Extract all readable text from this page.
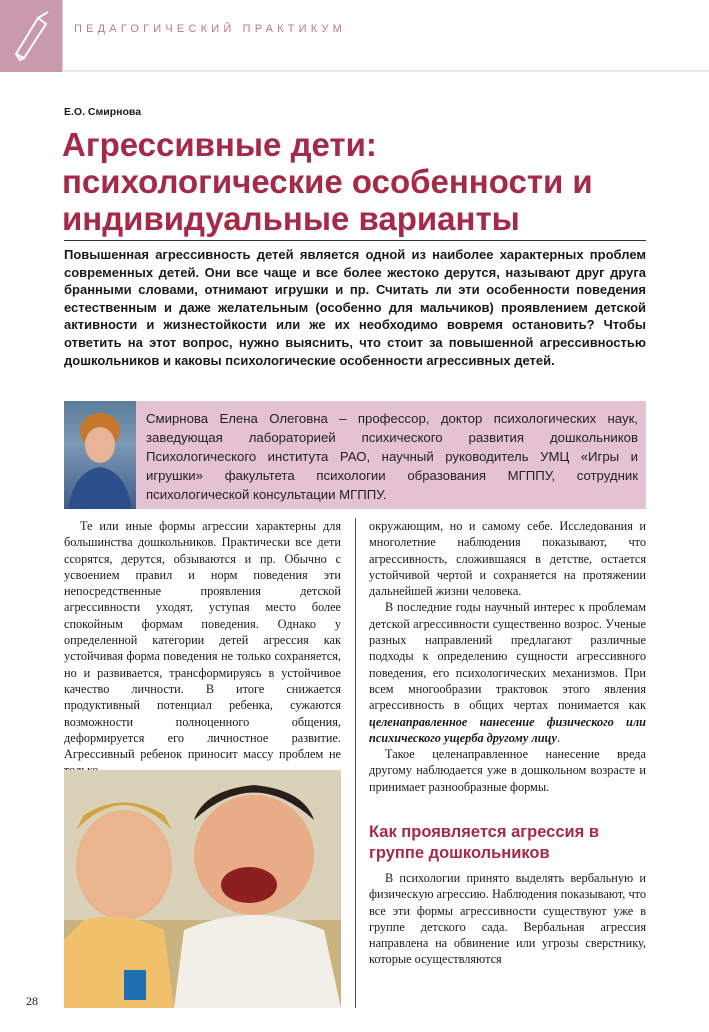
ПЕДАГОГИЧЕСКИЙ ПРАКТИКУМ
Е.О. Смирнова
Агрессивные дети: психологические особенности и индивидуальные варианты
Повышенная агрессивность детей является одной из наиболее характерных проблем современных детей. Они все чаще и все более жестоко дерутся, называют друг друга бранными словами, отнимают игрушки и пр. Считать ли эти особенности поведения естественным и даже желательным (особенно для мальчиков) проявлением детской активности и жизнестойкости или же их необходимо вовремя остановить? Чтобы ответить на этот вопрос, нужно выяснить, что стоит за повышенной агрессивностью дошкольников и каковы психологические особенности агрессивных детей.
Смирнова Елена Олеговна – профессор, доктор психологических наук, заведующая лабораторией психического развития дошкольников Психологического института РАО, научный руководитель УМЦ «Игры и игрушки» факультета психологии образования МГППУ, сотрудник психологической консультации МГППУ.

Те или иные формы агрессии характерны для большинства дошкольников. Практически все дети ссорятся, дерутся, обзываются и пр. Обычно с усвоением правил и норм поведения эти непосредственные проявления детской агрессивности уходят, уступая место более спокойным формам поведения. Однако у определенной категории детей агрессия как устойчивая форма поведения не только сохраняется, но и развивается, трансформируясь в устойчивое качество личности. В итоге снижается продуктивный потенциал ребенка, сужаются возможности полноценного общения, деформируется его личностное развитие. Агрессивный ребенок приносит массу проблем не

окружающим, но и самому себе. Исследования и многолетние наблюдения показывают, что агрессивность, сложившаяся в детстве, остается устойчивой чертой и сохраняется на протяжении дальнейшей жизни человека.

В последние годы научный интерес к проблемам детской агрессивности существенно возрос. Ученые разных направлений предлагают различные подходы к определению сущности агрессивного поведения, его психологических механизмов. При всем многообразии трактовок этого явления агрессивность в общих чертах понимается как целенаправленное нанесение физического или психического ущерба другому лицу.

Такое целенаправленное нанесение вреда другому наблюдается уже в дошкольном возрасте и принимает разнообразные формы.

Как проявляется агрессия в группе дошкольников

В психологии принято выделять вербальную и физическую агрессию. Наблюдения показывают, что все эти формы агрессивности существуют уже в группе детского сада. Вербальная агрессия направлена на обвинение или угрозы сверстнику, которые осуществляются

28
